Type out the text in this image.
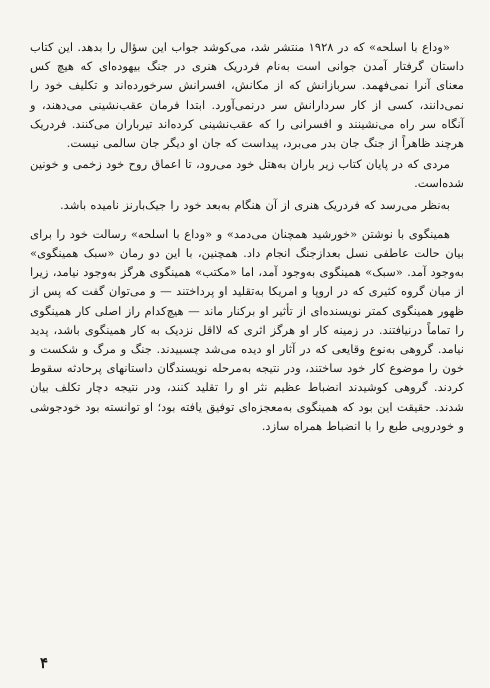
«وداع با اسلحه» که در ۱۹۲۸ منتشر شد، می‌کوشد جواب این سؤال را بدهد. این کتاب داستان گرفتار آمدن جوانی است به‌نام فردریک هنری در جنگ بیهوده‌ای که هیچ کس معنای آنرا نمی‌فهمد. سربازانش که از مکانش، افسرانش سرخورده‌اند و تکلیف خود را نمی‌دانند، کسی از کار سردارانش سر درنمی‌آورد. ابتدا فرمان عقب‌نشینی می‌دهند، و آنگاه سر راه می‌نشینند و افسرانی را که عقب‌نشینی کرده‌اند تیرباران می‌کنند. فردریک هرچند ظاهراً از جنگ جان بدر می‌برد، پیداست که جان او دیگر جان سالمی نیست.

مردی که در پایان کتاب زیر باران به‌هتل خود می‌رود، تا اعماق روح خود زخمی و خونین شده‌است.

به‌نظر می‌رسد که فردریک هنری از آن هنگام به‌بعد خود را جیک‌بارنز نامیده باشد.

همینگوی با نوشتن «خورشید همچنان می‌دمد» و «وداع با اسلحه» رسالت خود را برای بیان حالت عاطفی نسل بعدازجنگ انجام داد. همچنین، با این دو رمان «سبک همینگوی» به‌وجود آمد. «سبک» همینگوی به‌وجود آمد، اما «مکتب» همینگوی هرگز به‌وجود نیامد، زیرا از میان گروه کثیری که در اروپا و امریکا به‌تقلید او پرداختند — و می‌توان گفت که پس از ظهور همینگوی کمتر نویسنده‌ای از تأثیر او برکنار ماند — هیچ‌کدام راز اصلی کار همینگوی را تماماً درنیافتند. در زمینه کار او هرگز اثری که لااقل نزدیک به کار همینگوی باشد، پدید نیامد. گروهی به‌نوع وقایعی که در آثار او دیده می‌شد چسبیدند. جنگ و مرگ و شکست و خون را موضوع کار خود ساختند، ودر نتیجه به‌مرحله نویسندگان داستانهای پرحادثه سقوط کردند. گروهی کوشیدند انضباط عظیم نثر او را تقلید کنند، ودر نتیجه دچار تکلف بیان شدند. حقیقت این بود که همینگوی به‌معجزه‌ای توفیق یافته بود؛ او توانسته بود خودجوشی و خودرویی طبع را با انضباط همراه سازد.

۴
